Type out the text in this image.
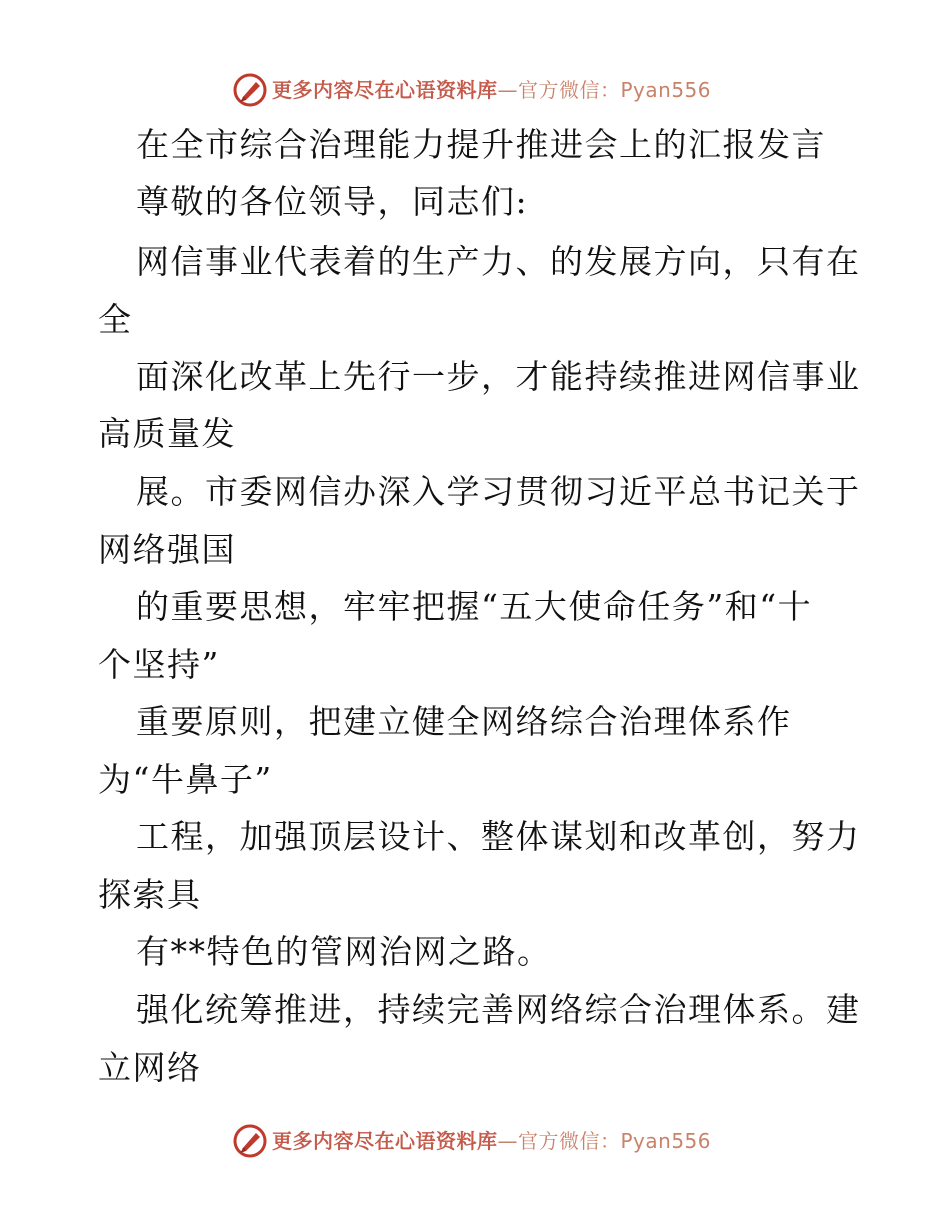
更多内容尽在心语资料库—官方微信：Pyan556
在全市综合治理能力提升推进会上的汇报发言
尊敬的各位领导，同志们:
网信事业代表着的生产力、的发展方向，只有在
全
面深化改革上先行一步，才能持续推进网信事业
高质量发
展。市委网信办深入学习贯彻习近平总书记关于
网络强国
的重要思想，牢牢把握“五大使命任务”和“十
个坚持”
重要原则，把建立健全网络综合治理体系作
为“牛鼻子”
工程，加强顶层设计、整体谋划和改革创，努力
探索具
有**特色的管网治网之路。
强化统筹推进，持续完善网络综合治理体系。建
立网络
更多内容尽在心语资料库—官方微信：Pyan556
